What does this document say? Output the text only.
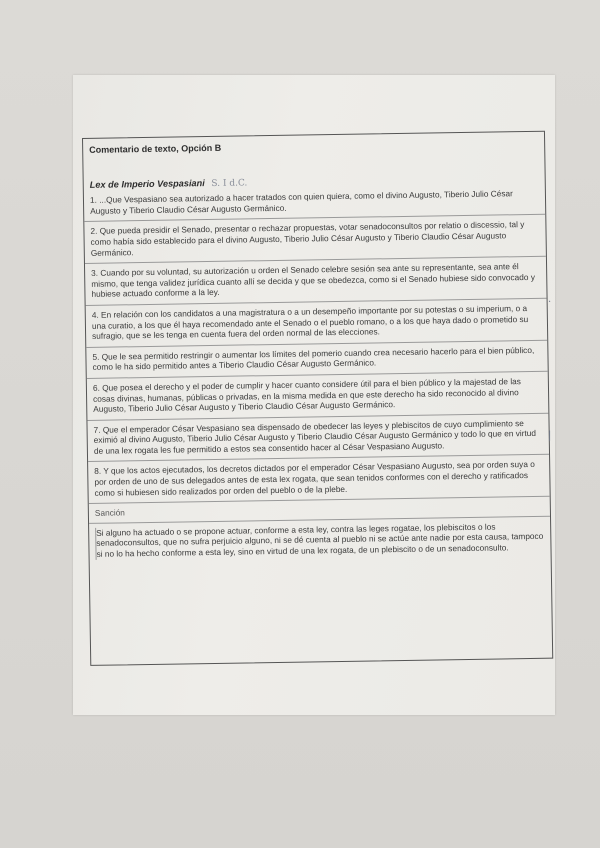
Comentario de texto, Opción B
Lex de Imperio Vespasiani S. I d.C.

1. ...Que Vespasiano sea autorizado a hacer tratados con quien quiera, como el divino Augusto, Tiberio Julio César Augusto y Tiberio Claudio César Augusto Germánico.

2. Que pueda presidir el Senado, presentar o rechazar propuestas, votar senadoconsultos por relatio o discessio, tal y como había sido establecido para el divino Augusto, Tiberio Julio César Augusto y Tiberio Claudio César Augusto Germánico.

3. Cuando por su voluntad, su autorización u orden el Senado celebre sesión sea ante su representante, sea ante él mismo, que tenga validez jurídica cuanto allí se decida y que se obedezca, como si el Senado hubiese sido convocado y hubiese actuado conforme a la ley.

4. En relación con los candidatos a una magistratura o a un desempeño importante por su potestas o su imperium, o a una curatio, a los que él haya recomendado ante el Senado o el pueblo romano, o a los que haya dado o prometido su sufragio, que se les tenga en cuenta fuera del orden normal de las elecciones.

5. Que le sea permitido restringir o aumentar los límites del pomerio cuando crea necesario hacerlo para el bien público, como le ha sido permitido antes a Tiberio Claudio César Augusto Germánico.

6. Que posea el derecho y el poder de cumplir y hacer cuanto considere útil para el bien público y la majestad de las cosas divinas, humanas, públicas o privadas, en la misma medida en que este derecho ha sido reconocido al divino Augusto, Tiberio Julio César Augusto y Tiberio Claudio César Augusto Germánico.

7. Que el emperador César Vespasiano sea dispensado de obedecer las leyes y plebiscitos de cuyo cumplimiento se eximió al divino Augusto, Tiberio Julio César Augusto y Tiberio Claudio César Augusto Germánico y todo lo que en virtud de una lex rogata les fue permitido a estos sea consentido hacer al César Vespasiano Augusto.

8. Y que los actos ejecutados, los decretos dictados por el emperador César Vespasiano Augusto, sea por orden suya o por orden de uno de sus delegados antes de esta lex rogata, que sean tenidos conformes con el derecho y ratificados como si hubiesen sido realizados por orden del pueblo o de la plebe.

Sanción

Si alguno ha actuado o se propone actuar, conforme a esta ley, contra las leges rogatae, los plebiscitos o los senadoconsultos, que no sufra perjuicio alguno, ni se dé cuenta al pueblo ni se actúe ante nadie por esta causa, tampoco si no lo ha hecho conforme a esta ley, sino en virtud de una lex rogata, de un plebiscito o de un senadoconsulto.

·
|
